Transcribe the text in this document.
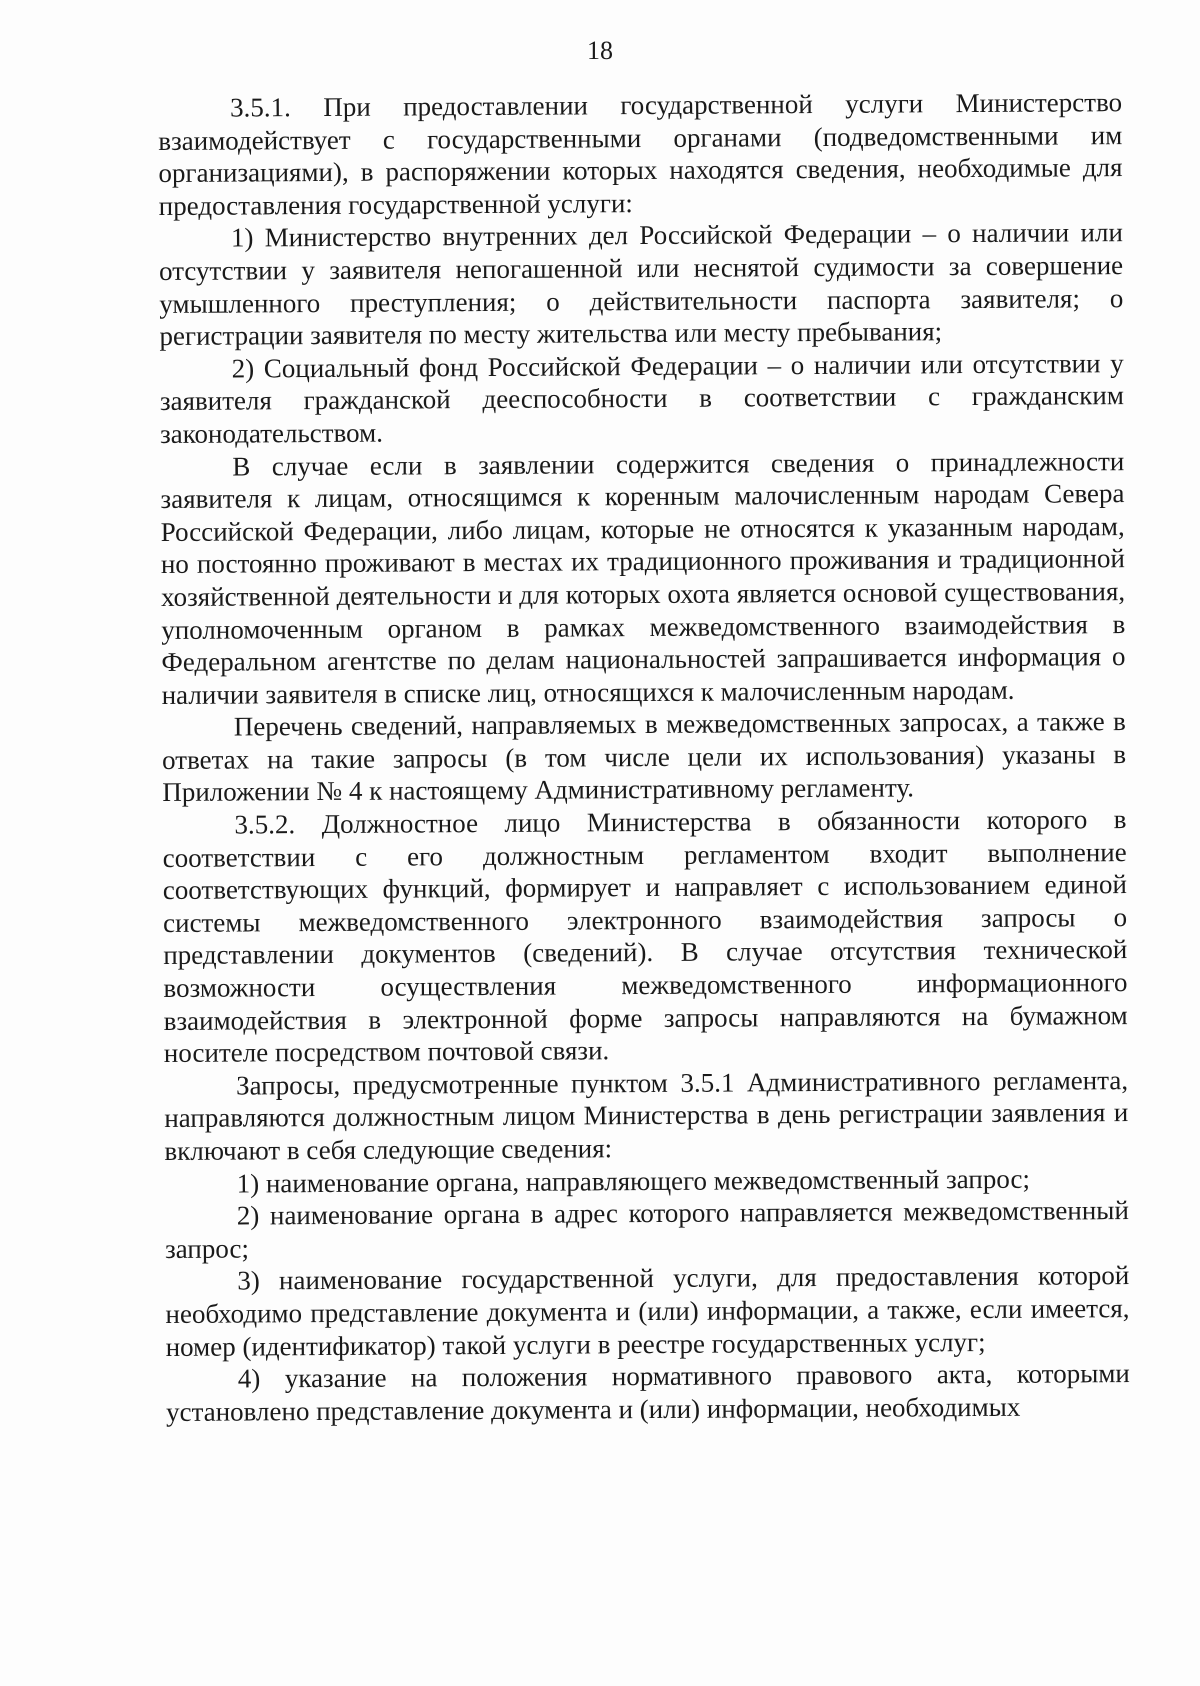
18

3.5.1. При предоставлении государственной услуги Министерство взаимодействует с государственными органами (подведомственными им организациями), в распоряжении которых находятся сведения, необходимые для предоставления государственной услуги:

1) Министерство внутренних дел Российской Федерации – о наличии или отсутствии у заявителя непогашенной или неснятой судимости за совершение умышленного преступления; о действительности паспорта заявителя; о регистрации заявителя по месту жительства или месту пребывания;

2) Социальный фонд Российской Федерации – о наличии или отсутствии у заявителя гражданской дееспособности в соответствии с гражданским законодательством.

В случае если в заявлении содержится сведения о принадлежности заявителя к лицам, относящимся к коренным малочисленным народам Севера Российской Федерации, либо лицам, которые не относятся к указанным народам, но постоянно проживают в местах их традиционного проживания и традиционной хозяйственной деятельности и для которых охота является основой существования, уполномоченным органом в рамках межведомственного взаимодействия в Федеральном агентстве по делам национальностей запрашивается информация о наличии заявителя в списке лиц, относящихся к малочисленным народам.

Перечень сведений, направляемых в межведомственных запросах, а также в ответах на такие запросы (в том числе цели их использования) указаны в Приложении № 4 к настоящему Административному регламенту.

3.5.2. Должностное лицо Министерства в обязанности которого в соответствии с его должностным регламентом входит выполнение соответствующих функций, формирует и направляет с использованием единой системы межведомственного электронного взаимодействия запросы о представлении документов (сведений). В случае отсутствия технической возможности осуществления межведомственного информационного взаимодействия в электронной форме запросы направляются на бумажном носителе посредством почтовой связи.

Запросы, предусмотренные пунктом 3.5.1 Административного регламента, направляются должностным лицом Министерства в день регистрации заявления и включают в себя следующие сведения:

1) наименование органа, направляющего межведомственный запрос;

2) наименование органа в адрес которого направляется межведомственный запрос;

3) наименование государственной услуги, для предоставления которой необходимо представление документа и (или) информации, а также, если имеется, номер (идентификатор) такой услуги в реестре государственных услуг;

4) указание на положения нормативного правового акта, которыми установлено представление документа и (или) информации, необходимых
